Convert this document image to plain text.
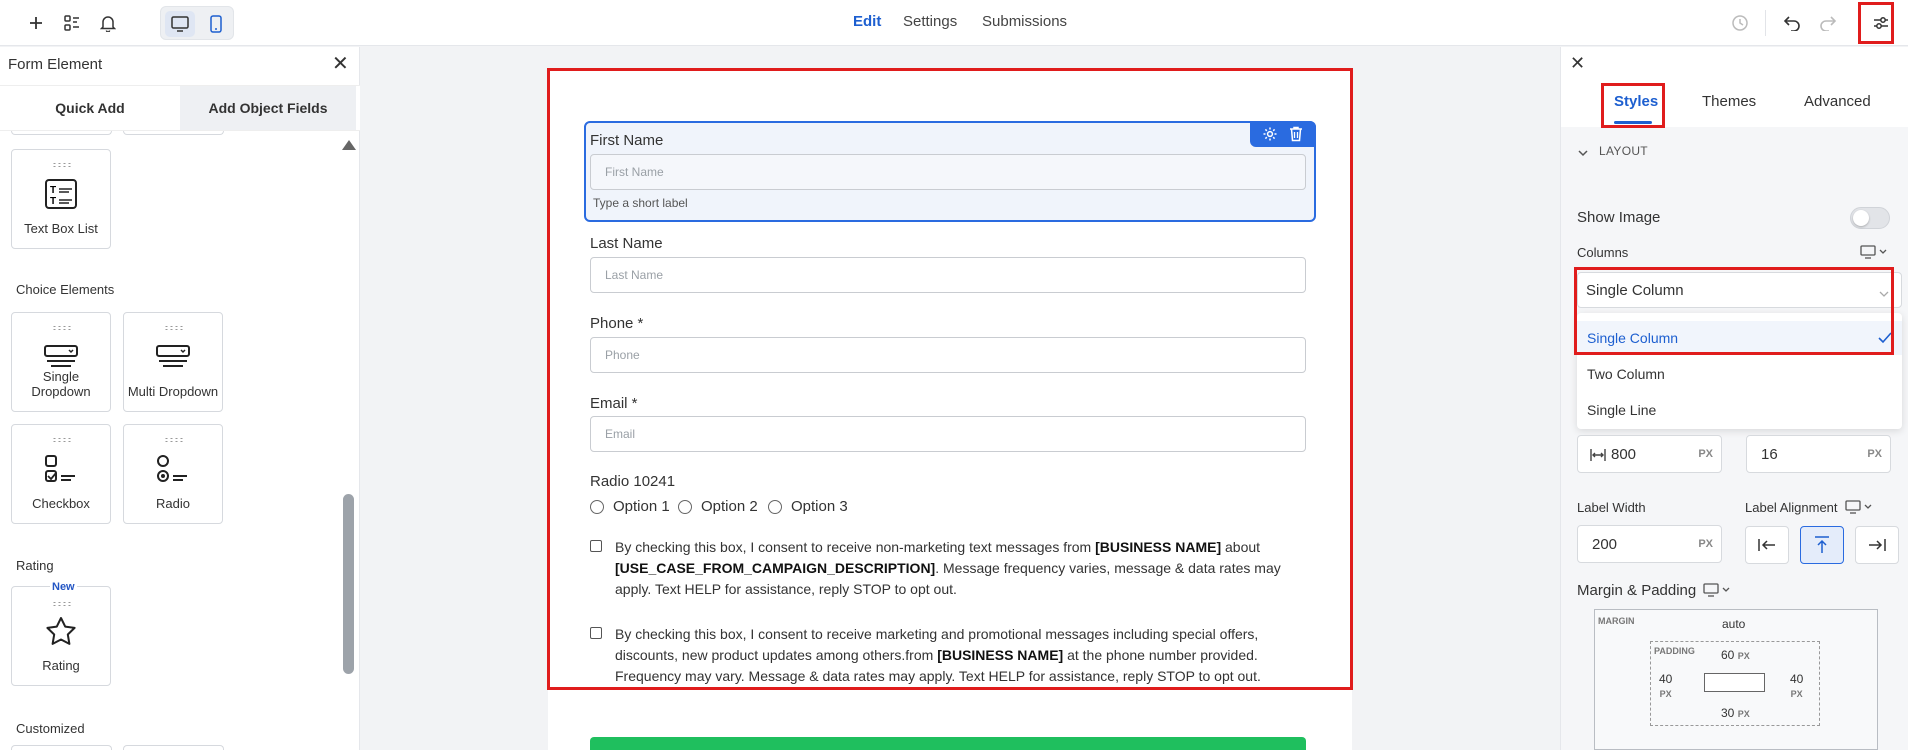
Edit Settings Submissions
Form Element	✕
Quick Add	Add Object Fields
T
T
Text Box List
Choice Elements
Single Dropdown	Multi Dropdown
Checkbox	Radio
Rating
New
Rating
Customized
First Name
First Name
Type a short label
Last Name
Last Name
Phone *
Phone
Email *
Email
Radio 10241
Option 1 Option 2 Option 3
By checking this box, I consent to receive non-marketing text messages from [BUSINESS NAME] about [USE_CASE_FROM_CAMPAIGN_DESCRIPTION]. Message frequency varies, message & data rates may apply. Text HELP for assistance, reply STOP to opt out.
By checking this box, I consent to receive marketing and promotional messages including special offers, discounts, new product updates among others.from [BUSINESS NAME] at the phone number provided. Frequency may vary. Message & data rates may apply. Text HELP for assistance, reply STOP to opt out.
✕
Styles	Themes	Advanced
LAYOUT
Show Image
Columns
Single Column
Single Column
Two Column
Single Line
800	PX	16	PX
Label Width	Label Alignment
200	PX
Margin & Padding
MARGIN	auto
PADDING 60 PX
40
PX
40
PX
30 PX
